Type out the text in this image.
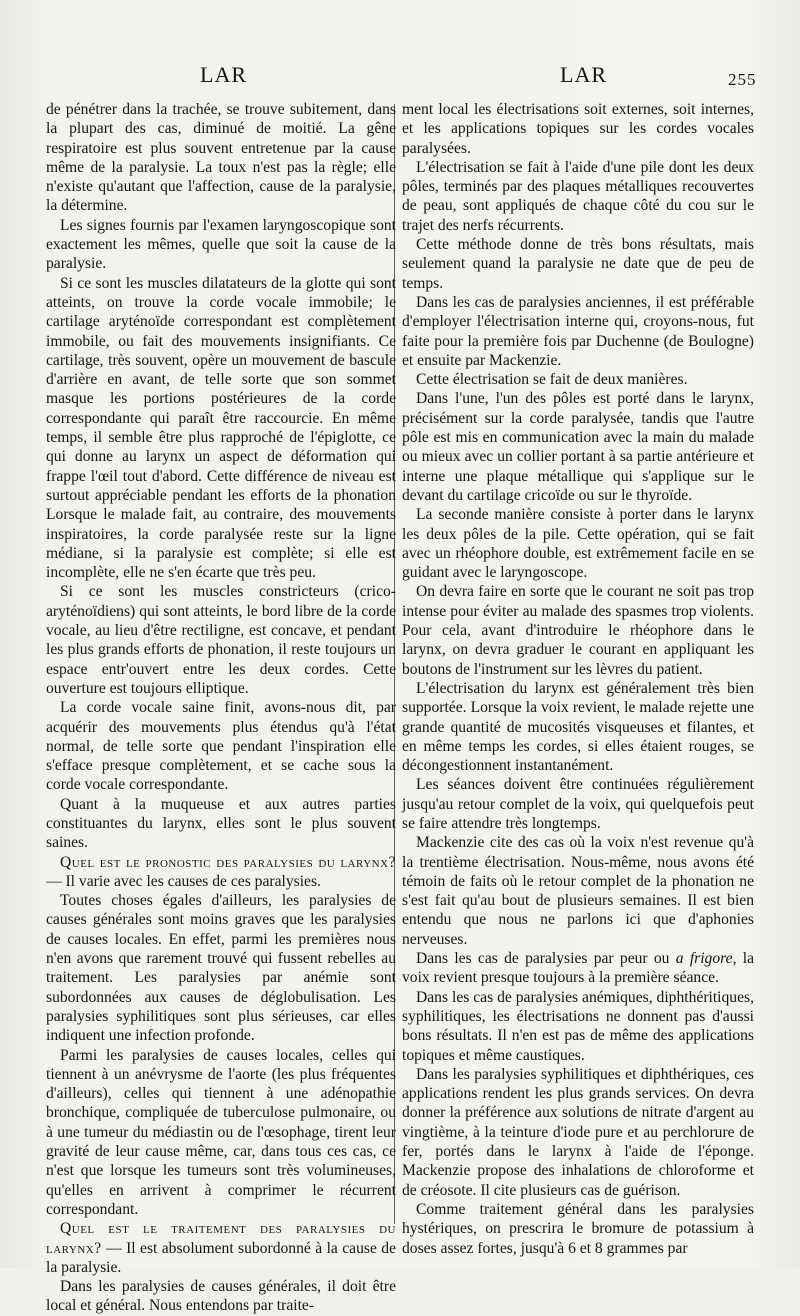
LAR	LAR	255

de pénétrer dans la trachée, se trouve subitement, dans la plupart des cas, diminué de moitié. La gêne respiratoire est plus souvent entretenue par la cause même de la paralysie. La toux n'est pas la règle; elle n'existe qu'autant que l'affection, cause de la paralysie, la détermine.

Les signes fournis par l'examen laryngoscopique sont exactement les mêmes, quelle que soit la cause de la paralysie.

Si ce sont les muscles dilatateurs de la glotte qui sont atteints, on trouve la corde vocale immobile; le cartilage aryténoïde correspondant est complètement immobile, ou fait des mouvements insignifiants. Ce cartilage, très souvent, opère un mouvement de bascule d'arrière en avant, de telle sorte que son sommet masque les portions postérieures de la corde correspondante qui paraît être raccourcie. En même temps, il semble être plus rapproché de l'épiglotte, ce qui donne au larynx un aspect de déformation qui frappe l'œil tout d'abord. Cette différence de niveau est surtout appréciable pendant les efforts de la phonation Lorsque le malade fait, au contraire, des mouvements inspiratoires, la corde paralysée reste sur la ligne médiane, si la paralysie est complète; si elle est incomplète, elle ne s'en écarte que très peu.

Si ce sont les muscles constricteurs (crico-aryténoïdiens) qui sont atteints, le bord libre de la corde vocale, au lieu d'être rectiligne, est concave, et pendant les plus grands efforts de phonation, il reste toujours un espace entr'ouvert entre les deux cordes. Cette ouverture est toujours elliptique.

La corde vocale saine finit, avons-nous dit, par acquérir des mouvements plus étendus qu'à l'état normal, de telle sorte que pendant l'inspiration elle s'efface presque complètement, et se cache sous la corde vocale correspondante.

Quant à la muqueuse et aux autres parties constituantes du larynx, elles sont le plus souvent saines.

Quel est le pronostic des paralysies du larynx? — Il varie avec les causes de ces paralysies.

Toutes choses égales d'ailleurs, les paralysies de causes générales sont moins graves que les paralysies de causes locales. En effet, parmi les premières nous n'en avons que rarement trouvé qui fussent rebelles au traitement. Les paralysies par anémie sont subordonnées aux causes de déglobulisation. Les paralysies syphilitiques sont plus sérieuses, car elles indiquent une infection profonde.

Parmi les paralysies de causes locales, celles qui tiennent à un anévrysme de l'aorte (les plus fréquentes d'ailleurs), celles qui tiennent à une adénopathie bronchique, compliquée de tuberculose pulmonaire, ou à une tumeur du médiastin ou de l'œsophage, tirent leur gravité de leur cause même, car, dans tous ces cas, ce n'est que lorsque les tumeurs sont très volumineuses, qu'elles en arrivent à comprimer le récurrent correspondant.

Quel est le traitement des paralysies du larynx? — Il est absolument subordonné à la cause de la paralysie.

Dans les paralysies de causes générales, il doit être local et général. Nous entendons par traite-

ment local les électrisations soit externes, soit internes, et les applications topiques sur les cordes vocales paralysées.

L'électrisation se fait à l'aide d'une pile dont les deux pôles, terminés par des plaques métalliques recouvertes de peau, sont appliqués de chaque côté du cou sur le trajet des nerfs récurrents.

Cette méthode donne de très bons résultats, mais seulement quand la paralysie ne date que de peu de temps.

Dans les cas de paralysies anciennes, il est préférable d'employer l'électrisation interne qui, croyons-nous, fut faite pour la première fois par Duchenne (de Boulogne) et ensuite par Mackenzie.

Cette électrisation se fait de deux manières.

Dans l'une, l'un des pôles est porté dans le larynx, précisément sur la corde paralysée, tandis que l'autre pôle est mis en communication avec la main du malade ou mieux avec un collier portant à sa partie antérieure et interne une plaque métallique qui s'applique sur le devant du cartilage cricoïde ou sur le thyroïde.

La seconde manière consiste à porter dans le larynx les deux pôles de la pile. Cette opération, qui se fait avec un rhéophore double, est extrêmement facile en se guidant avec le laryngoscope.

On devra faire en sorte que le courant ne soit pas trop intense pour éviter au malade des spasmes trop violents. Pour cela, avant d'introduire le rhéophore dans le larynx, on devra graduer le courant en appliquant les boutons de l'instrument sur les lèvres du patient.

L'électrisation du larynx est généralement très bien supportée. Lorsque la voix revient, le malade rejette une grande quantité de mucosités visqueuses et filantes, et en même temps les cordes, si elles étaient rouges, se décongestionnent instantanément.

Les séances doivent être continuées régulièrement jusqu'au retour complet de la voix, qui quelquefois peut se faire attendre très longtemps.

Mackenzie cite des cas où la voix n'est revenue qu'à la trentième électrisation. Nous-même, nous avons été témoin de faits où le retour complet de la phonation ne s'est fait qu'au bout de plusieurs semaines. Il est bien entendu que nous ne parlons ici que d'aphonies nerveuses.

Dans les cas de paralysies par peur ou a frigore, la voix revient presque toujours à la première séance.

Dans les cas de paralysies anémiques, diphthéritiques, syphilitiques, les électrisations ne donnent pas d'aussi bons résultats. Il n'en est pas de même des applications topiques et même caustiques.

Dans les paralysies syphilitiques et diphthériques, ces applications rendent les plus grands services. On devra donner la préférence aux solutions de nitrate d'argent au vingtième, à la teinture d'iode pure et au perchlorure de fer, portés dans le larynx à l'aide de l'éponge. Mackenzie propose des inhalations de chloroforme et de créosote. Il cite plusieurs cas de guérison.

Comme traitement général dans les paralysies hystériques, on prescrira le bromure de potassium à doses assez fortes, jusqu'à 6 et 8 grammes par
